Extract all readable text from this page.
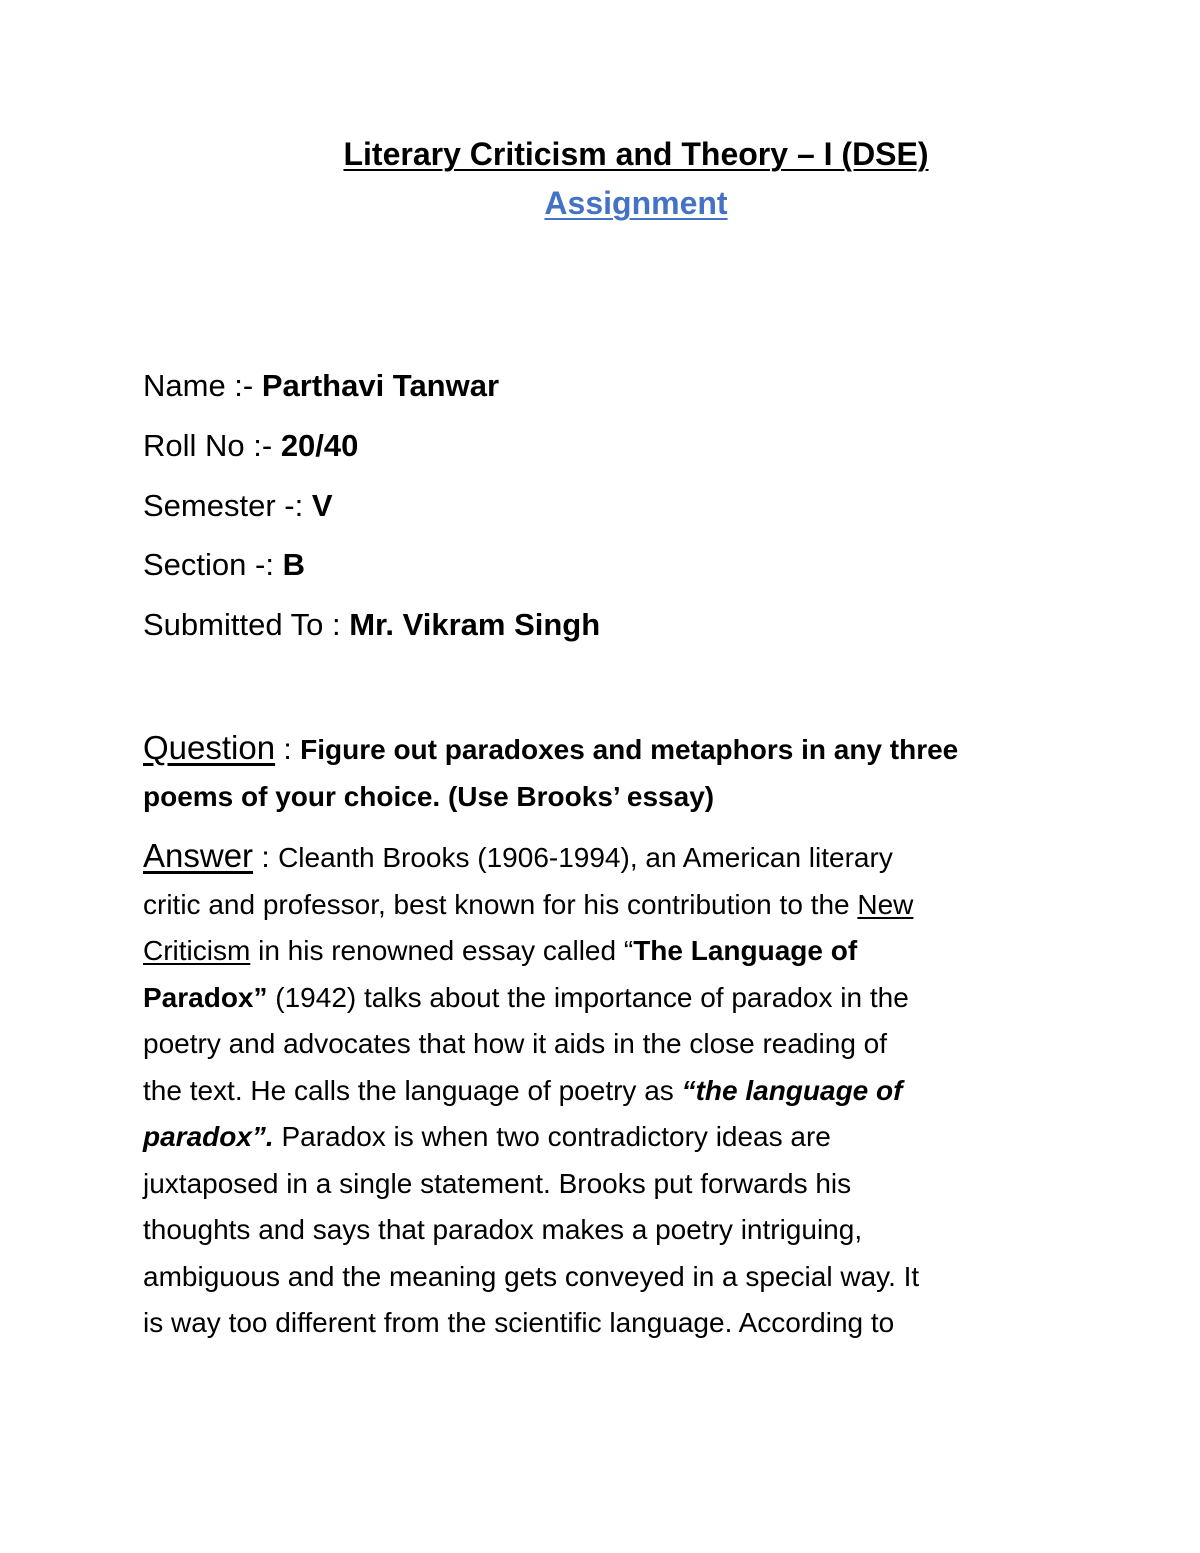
Literary Criticism and Theory – I (DSE)
Assignment
Name :- Parthavi Tanwar
Roll No :- 20/40
Semester -: V
Section -: B
Submitted To : Mr. Vikram Singh
Question : Figure out paradoxes and metaphors in any three
poems of your choice. (Use Brooks’ essay)
Answer : Cleanth Brooks (1906-1994), an American literary
critic and professor, best known for his contribution to the New
Criticism in his renowned essay called “The Language of
Paradox” (1942) talks about the importance of paradox in the
poetry and advocates that how it aids in the close reading of
the text. He calls the language of poetry as “the language of
paradox”. Paradox is when two contradictory ideas are
juxtaposed in a single statement. Brooks put forwards his
thoughts and says that paradox makes a poetry intriguing,
ambiguous and the meaning gets conveyed in a special way. It
is way too different from the scientific language. According to
